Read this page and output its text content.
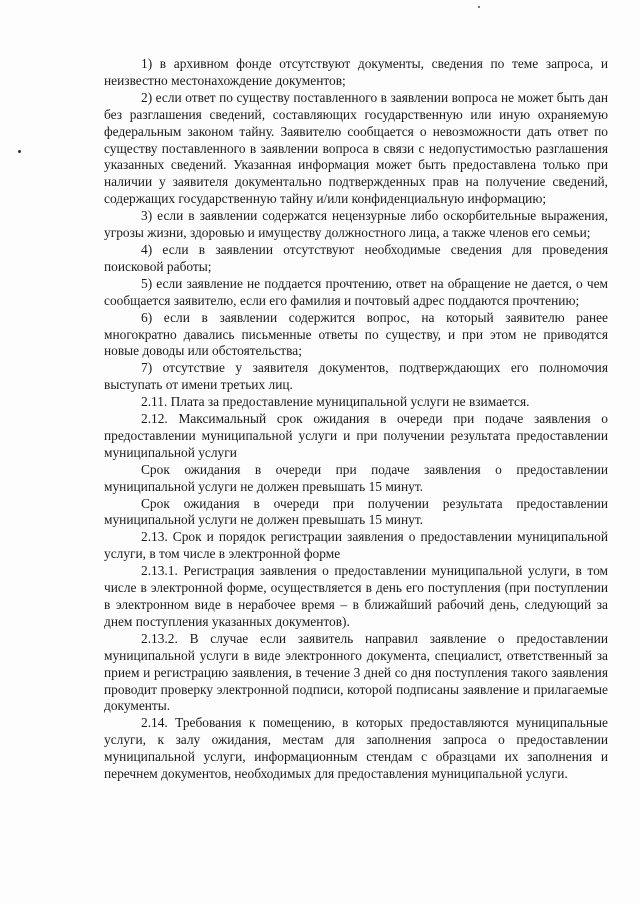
1) в архивном фонде отсутствуют документы, сведения по теме запроса, и неизвестно местонахождение документов;

2) если ответ по существу поставленного в заявлении вопроса не может быть дан без разглашения сведений, составляющих государственную или иную охраняемую федеральным законом тайну. Заявителю сообщается о невозможности дать ответ по существу поставленного в заявлении вопроса в связи с недопустимостью разглашения указанных сведений. Указанная информация может быть предоставлена только при наличии у заявителя документально подтвержденных прав на получение сведений, содержащих государственную тайну и/или конфиденциальную информацию;

3) если в заявлении содержатся нецензурные либо оскорбительные выражения, угрозы жизни, здоровью и имуществу должностного лица, а также членов его семьи;

4) если в заявлении отсутствуют необходимые сведения для проведения поисковой работы;

5) если заявление не поддается прочтению, ответ на обращение не дается, о чем сообщается заявителю, если его фамилия и почтовый адрес поддаются прочтению;

6) если в заявлении содержится вопрос, на который заявителю ранее многократно давались письменные ответы по существу, и при этом не приводятся новые доводы или обстоятельства;

7) отсутствие у заявителя документов, подтверждающих его полномочия выступать от имени третьих лиц.

2.11. Плата за предоставление муниципальной услуги не взимается.

2.12. Максимальный срок ожидания в очереди при подаче заявления о предоставлении муниципальной услуги и при получении результата предоставлении муниципальной услуги

Срок ожидания в очереди при подаче заявления о предоставлении муниципальной услуги не должен превышать 15 минут.

Срок ожидания в очереди при получении результата предоставлении муниципальной услуги не должен превышать 15 минут.

2.13. Срок и порядок регистрации заявления о предоставлении муниципальной услуги, в том числе в электронной форме

2.13.1. Регистрация заявления о предоставлении муниципальной услуги, в том числе в электронной форме, осуществляется в день его поступления (при поступлении в электронном виде в нерабочее время – в ближайший рабочий день, следующий за днем поступления указанных документов).

2.13.2. В случае если заявитель направил заявление о предоставлении муниципальной услуги в виде электронного документа, специалист, ответственный за прием и регистрацию заявления, в течение 3 дней со дня поступления такого заявления проводит проверку электронной подписи, которой подписаны заявление и прилагаемые документы.

2.14. Требования к помещению, в которых предоставляются муниципальные услуги, к залу ожидания, местам для заполнения запроса о предоставлении муниципальной услуги, информационным стендам с образцами их заполнения и перечнем документов, необходимых для предоставления муниципальной услуги.
